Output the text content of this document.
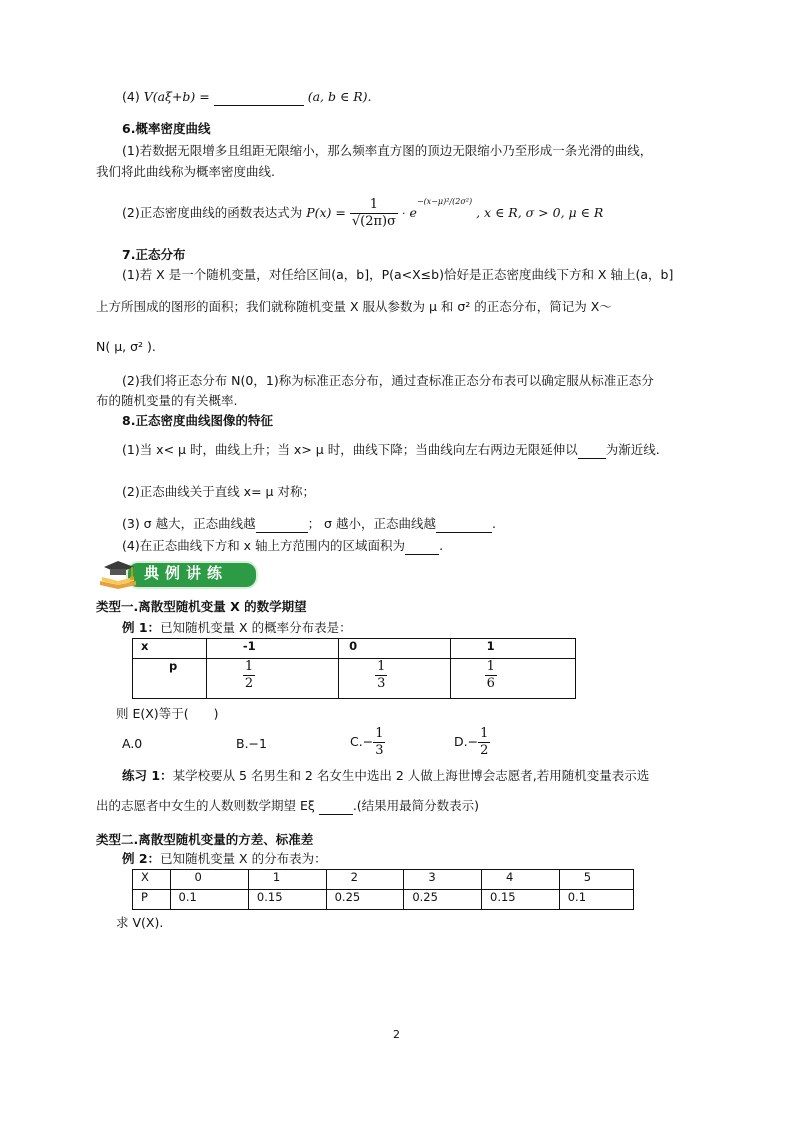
(4) V(aξ+b) =	(a, b ∈ R).
6.概率密度曲线
(1)若数据无限增多且组距无限缩小，那么频率直方图的顶边无限缩小乃至形成一条光滑的曲线，
我们将此曲线称为概率密度曲线.
(2)正态密度曲线的函数表达式为 $P(x) = \frac{1}{√(2\pi)\sigma} \cdot e^{-(x-\mu)^2/(2\sigma^2)}$ , x ∈ R, σ > 0, μ ∈ R
7.正态分布
(1)若 X 是一个随机变量，对任给区间(a，b]，P(a<X≤b)恰好是正态密度曲线下方和 X 轴上(a，b]
上方所围成的图形的面积；我们就称随机变量 X 服从参数为 μ 和 σ² 的正态分布，简记为 X～
N( μ, σ² ).
(2)我们将正态分布 N(0，1)称为标准正态分布，通过查标准正态分布表可以确定服从标准正态分
布的随机变量的有关概率.
8.正态密度曲线图像的特征
(1)当 x< μ 时，曲线上升；当 x> μ 时，曲线下降；当曲线向左右两边无限延伸以 为渐近线.
(2)正态曲线关于直线 x= μ 对称；
(3) σ 越大，正态曲线越	； σ 越小，正态曲线越	.
(4)在正态曲线下方和 x 轴上方范围内的区域面积为	.
典例讲练
类型一.离散型随机变量 X 的数学期望
例 1：已知随机变量 X 的概率分布表是：
x	-1	0	1
p	$\frac{1}{2}$	$\frac{1}{3}$	$\frac{1}{6}$
则 E(X)等于(　　)
A.0	B.−1	$C.- \frac{1}{3}$	$D.- \frac{1}{2}$
练习 1：某学校要从 5 名男生和 2 名女生中选出 2 人做上海世博会志愿者,若用随机变量表示选
出的志愿者中女生的人数则数学期望 Eξ	.(结果用最简分数表示)
类型二.离散型随机变量的方差、标准差
例 2：已知随机变量 X 的分布表为：
X	0	1	2	3	4	5
P	0.1	0.15	0.25	0.25	0.15	0.1
求 V(X).
2
